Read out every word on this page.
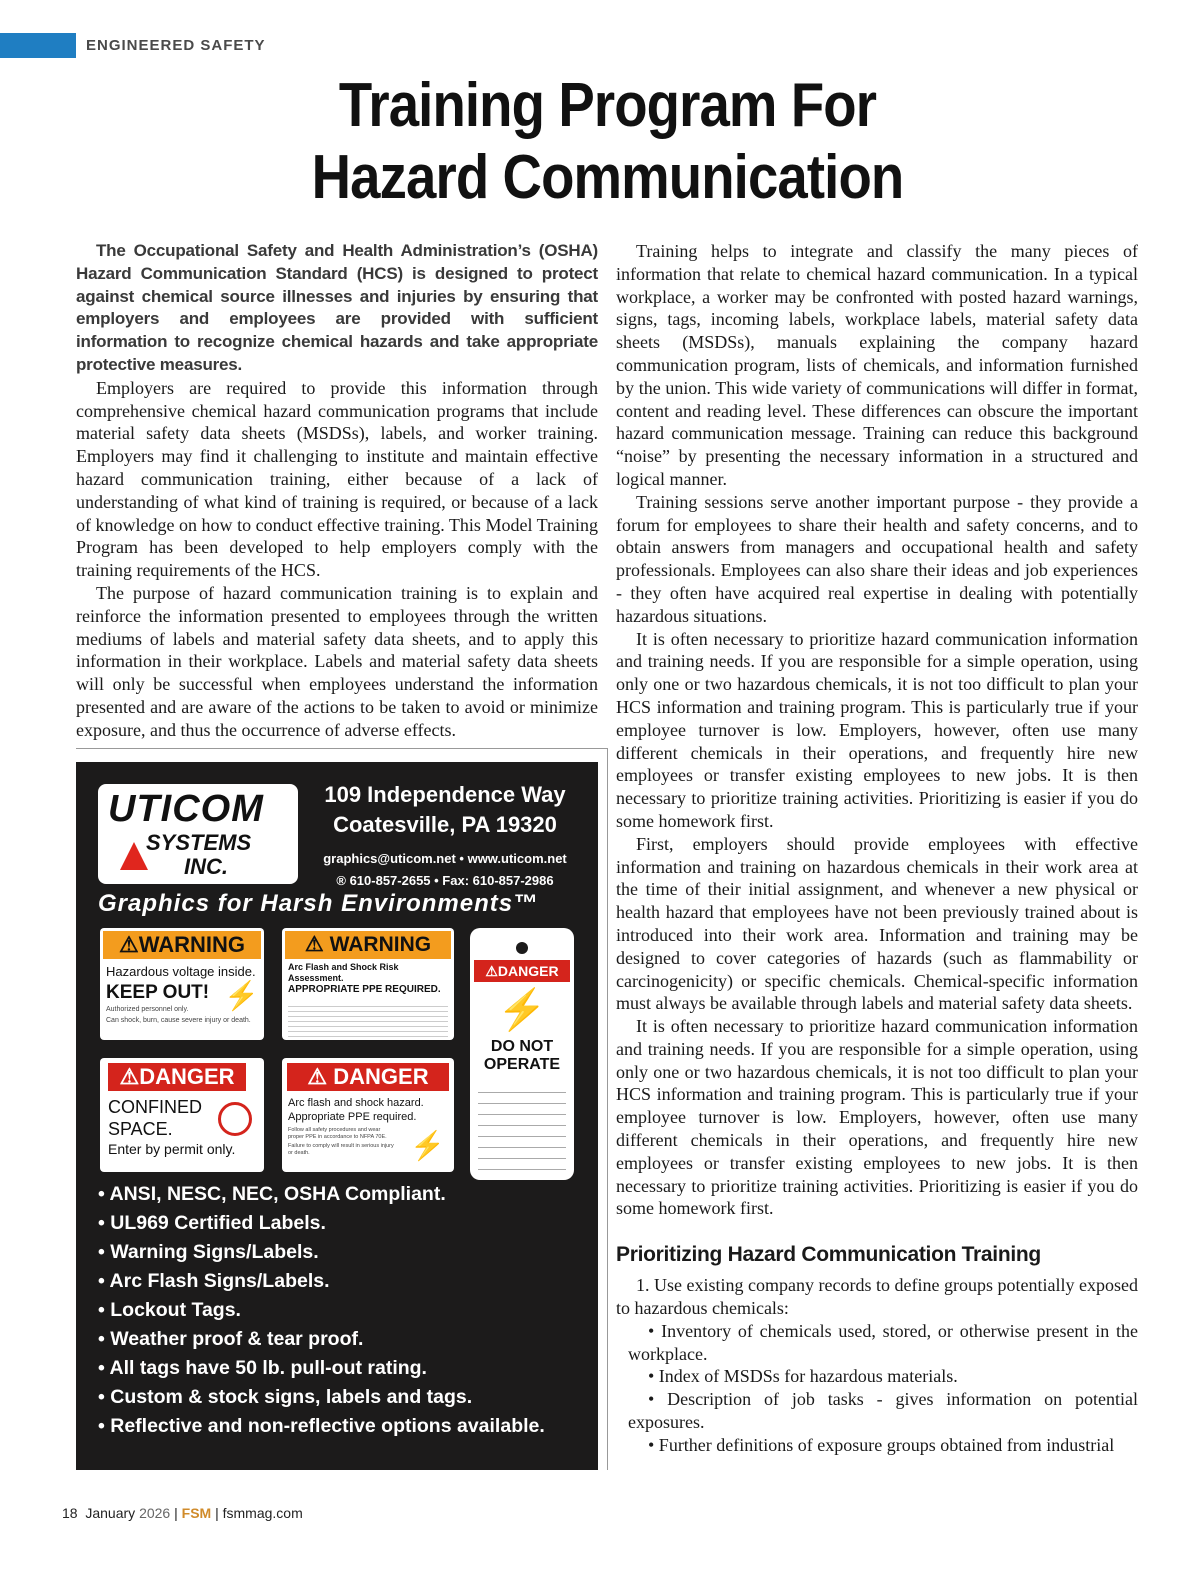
ENGINEERED SAFETY
Training Program For
Hazard Communication

The Occupational Safety and Health Administration’s (OSHA) Hazard Communication Standard (HCS) is designed to protect against chemical source illnesses and injuries by ensuring that employers and employees are provided with sufficient information to recognize chemical hazards and take appropriate protective measures.

Employers are required to provide this information through comprehensive chemical hazard communication programs that include material safety data sheets (MSDSs), labels, and worker training. Employers may find it challenging to institute and maintain effective hazard communication training, either because of a lack of understanding of what kind of training is required, or because of a lack of knowledge on how to conduct effective training. This Model Training Program has been developed to help employers comply with the training requirements of the HCS.

The purpose of hazard communication training is to explain and reinforce the information presented to employees through the written mediums of labels and material safety data sheets, and to apply this information in their workplace. Labels and material safety data sheets will only be successful when employees understand the information presented and are aware of the actions to be taken to avoid or minimize exposure, and thus the occurrence of adverse effects.

Training helps to integrate and classify the many pieces of information that relate to chemical hazard communication. In a typical workplace, a worker may be confronted with posted hazard warnings, signs, tags, incoming labels, workplace labels, material safety data sheets (MSDSs), manuals explaining the company hazard communication program, lists of chemicals, and information furnished by the union. This wide variety of communications will differ in format, content and reading level. These differences can obscure the important hazard communication message. Training can reduce this background “noise” by presenting the necessary information in a structured and logical manner.

Training sessions serve another important purpose - they provide a forum for employees to share their health and safety concerns, and to obtain answers from managers and occupational health and safety professionals. Employees can also share their ideas and job experiences - they often have acquired real expertise in dealing with potentially hazardous situations.

It is often necessary to prioritize hazard communication information and training needs. If you are responsible for a simple operation, using only one or two hazardous chemicals, it is not too difficult to plan your HCS information and training program. This is particularly true if your employee turnover is low. Employers, however, often use many different chemicals in their operations, and frequently hire new employees or transfer existing employees to new jobs. It is then necessary to prioritize training activities. Prioritizing is easier if you do some homework first.

First, employers should provide employees with effective information and training on hazardous chemicals in their work area at the time of their initial assignment, and whenever a new physical or health hazard that employees have not been previously trained about is introduced into their work area. Information and training may be designed to cover categories of hazards (such as flammability or carcinogenicity) or specific chemicals. Chemical-specific information must always be available through labels and material safety data sheets.

It is often necessary to prioritize hazard communication information and training needs. If you are responsible for a simple operation, using only one or two hazardous chemicals, it is not too difficult to plan your HCS information and training program. This is particularly true if your employee turnover is low. Employers, however, often use many different chemicals in their operations, and frequently hire new employees or transfer existing employees to new jobs. It is then necessary to prioritize training activities. Prioritizing is easier if you do some homework first.

Prioritizing Hazard Communication Training

1. Use existing company records to define groups potentially exposed to hazardous chemicals:

• Inventory of chemicals used, stored, or otherwise present in the workplace.

• Index of MSDSs for hazardous materials.

• Description of job tasks - gives information on potential exposures.

• Further definitions of exposure groups obtained from industrial

UTICOM
SYSTEMS
INC.
109 Independence Way
Coatesville, PA 19320
graphics@uticom.net • www.uticom.net
® 610-857-2655 • Fax: 610-857-2986
Graphics for Harsh Environments™
⚠WARNING
Hazardous voltage inside.
KEEP OUT!
Authorized personnel only.
Can shock, burn, cause severe injury or death.
⚡
⚠ WARNING
Arc Flash and Shock Risk Assessment.
APPROPRIATE PPE REQUIRED.
⚠DANGER
⚡
DO NOT
OPERATE
⚠DANGER
CONFINED
SPACE.
Enter by permit only.
⚠ DANGER
Arc flash and shock hazard.
Appropriate PPE required.
Follow all safety procedures and wear proper PPE in accordance to NFPA 70E.
Failure to comply will result in serious injury or death.	⚡
• ANSI, NESC, NEC, OSHA Compliant.
• UL969 Certified Labels.
• Warning Signs/Labels.
• Arc Flash Signs/Labels.
• Lockout Tags.
• Weather proof & tear proof.
• All tags have 50 lb. pull-out rating.
• Custom & stock signs, labels and tags.
• Reflective and non-reflective options available.
18 January 2026 | FSM | fsmmag.com
